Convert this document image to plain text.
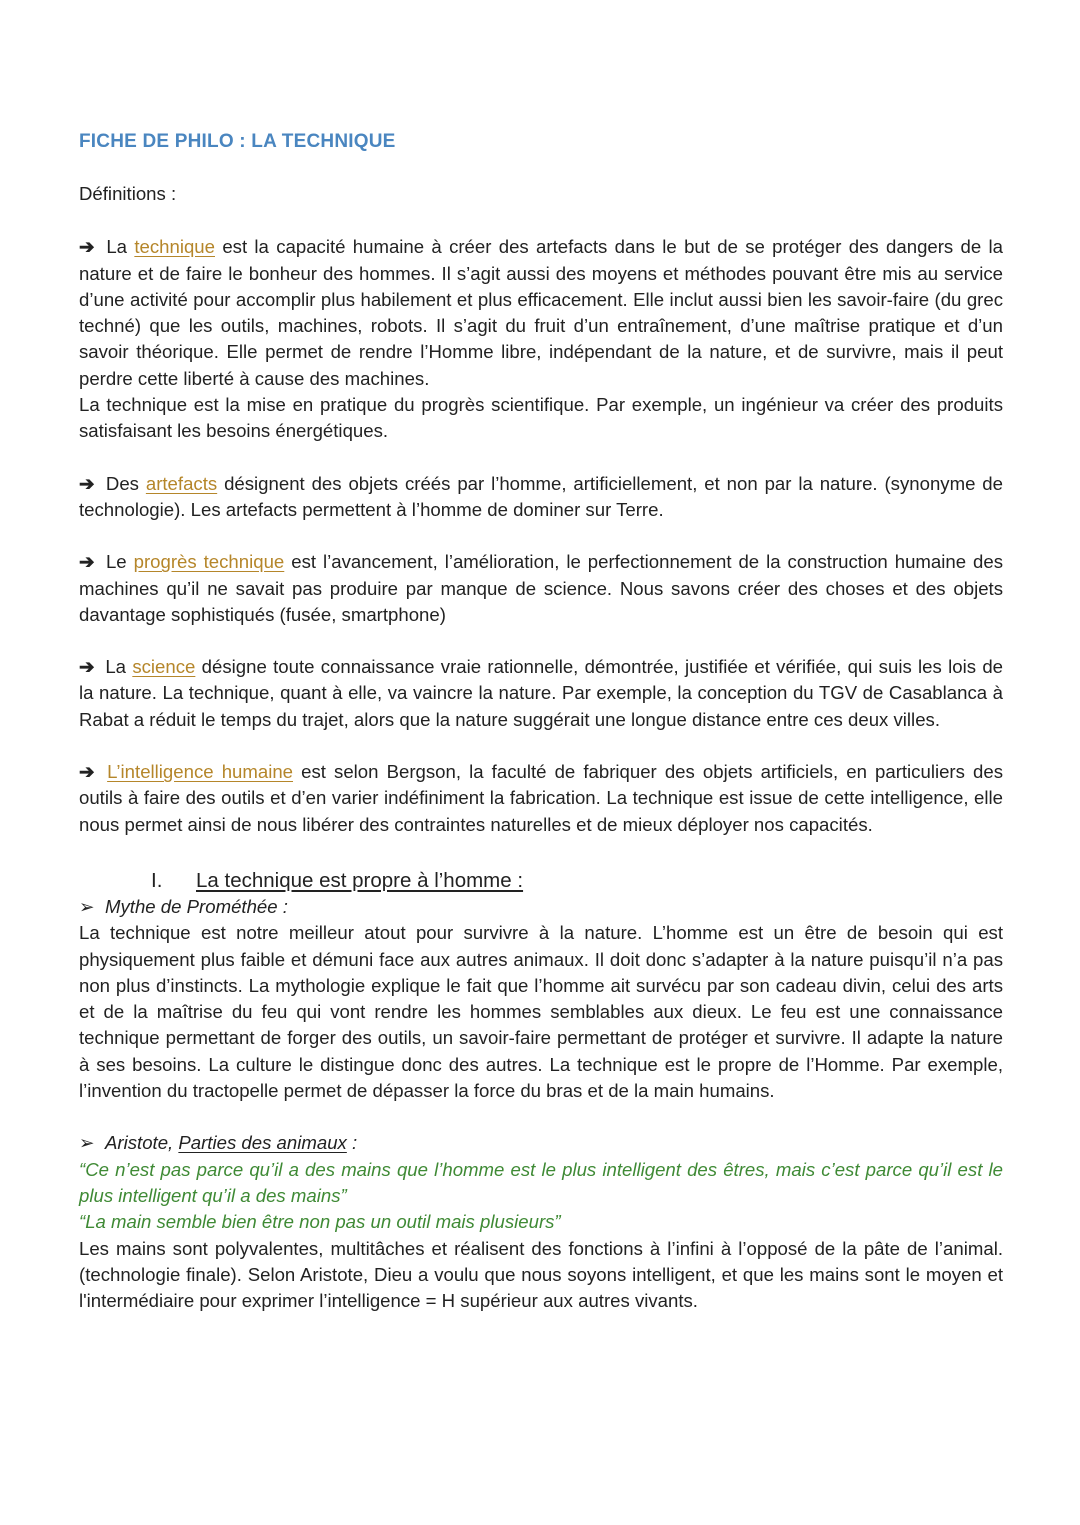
FICHE DE PHILO : LA TECHNIQUE
Définitions :

➔ La technique est la capacité humaine à créer des artefacts dans le but de se protéger des dangers de la nature et de faire le bonheur des hommes. Il s’agit aussi des moyens et méthodes pouvant être mis au service d’une activité pour accomplir plus habilement et plus efficacement. Elle inclut aussi bien les savoir-faire (du grec techné) que les outils, machines, robots. Il s’agit du fruit d’un entraînement, d’une maîtrise pratique et d’un savoir théorique. Elle permet de rendre l’Homme libre, indépendant de la nature, et de survivre, mais il peut perdre cette liberté à cause des machines.

La technique est la mise en pratique du progrès scientifique. Par exemple, un ingénieur va créer des produits satisfaisant les besoins énergétiques.

➔ Des artefacts désignent des objets créés par l’homme, artificiellement, et non par la nature. (synonyme de technologie). Les artefacts permettent à l’homme de dominer sur Terre.

➔ Le progrès technique est l’avancement, l’amélioration, le perfectionnement de la construction humaine des machines qu’il ne savait pas produire par manque de science. Nous savons créer des choses et des objets davantage sophistiqués (fusée, smartphone)

➔ La science désigne toute connaissance vraie rationnelle, démontrée, justifiée et vérifiée, qui suis les lois de la nature. La technique, quant à elle, va vaincre la nature. Par exemple, la conception du TGV de Casablanca à Rabat a réduit le temps du trajet, alors que la nature suggérait une longue distance entre ces deux villes.

➔ L’intelligence humaine est selon Bergson, la faculté de fabriquer des objets artificiels, en particuliers des outils à faire des outils et d’en varier indéfiniment la fabrication. La technique est issue de cette intelligence, elle nous permet ainsi de nous libérer des contraintes naturelles et de mieux déployer nos capacités.

I. La technique est propre à l’homme :

➢ Mythe de Prométhée :

La technique est notre meilleur atout pour survivre à la nature. L’homme est un être de besoin qui est physiquement plus faible et démuni face aux autres animaux. Il doit donc s’adapter à la nature puisqu’il n’a pas non plus d’instincts. La mythologie explique le fait que l’homme ait survécu par son cadeau divin, celui des arts et de la maîtrise du feu qui vont rendre les hommes semblables aux dieux. Le feu est une connaissance technique permettant de forger des outils, un savoir-faire permettant de protéger et survivre. Il adapte la nature à ses besoins. La culture le distingue donc des autres. La technique est le propre de l’Homme. Par exemple, l’invention du tractopelle permet de dépasser la force du bras et de la main humains.

➢ Aristote, Parties des animaux :

“Ce n’est pas parce qu’il a des mains que l’homme est le plus intelligent des êtres, mais c’est parce qu’il est le plus intelligent qu’il a des mains”

“La main semble bien être non pas un outil mais plusieurs”

Les mains sont polyvalentes, multitâches et réalisent des fonctions à l’infini à l’opposé de la pâte de l’animal.(technologie finale). Selon Aristote, Dieu a voulu que nous soyons intelligent, et que les mains sont le moyen et l'intermédiaire pour exprimer l’intelligence = H supérieur aux autres vivants.
